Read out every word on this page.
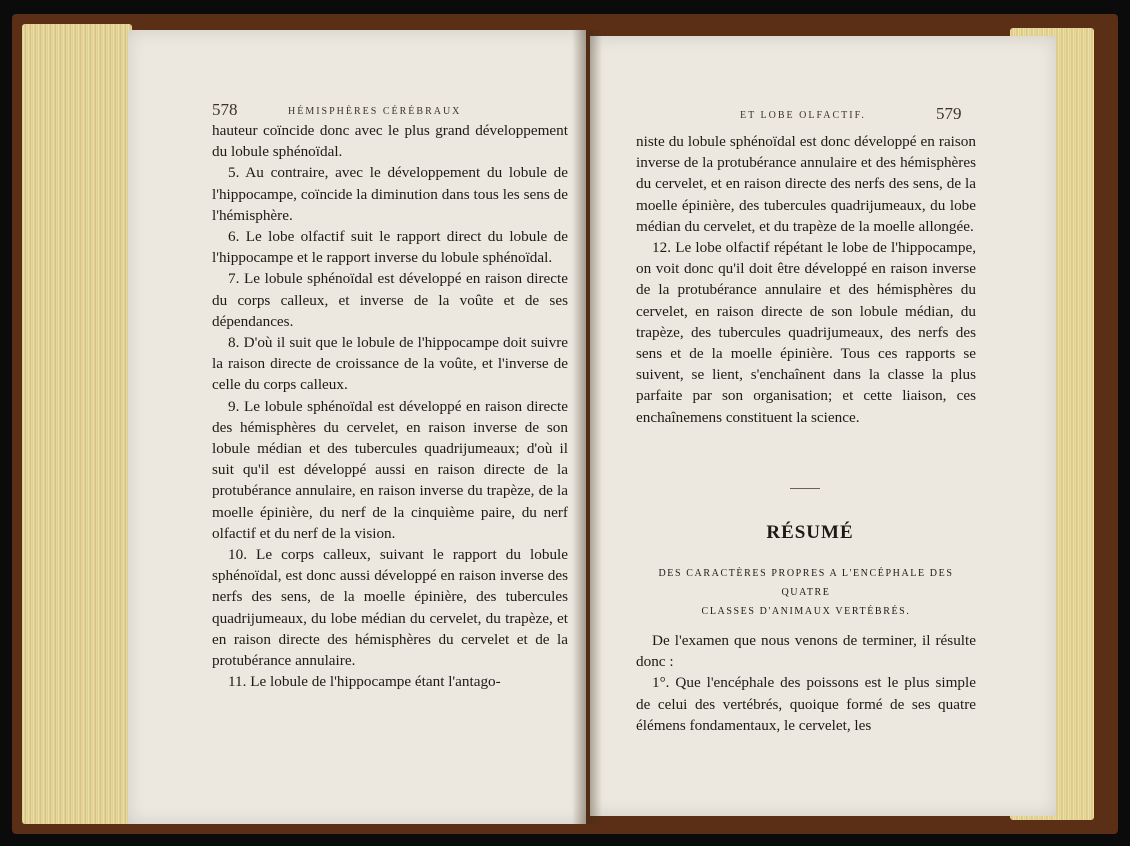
578	HÉMISPHÈRES CÉRÉBRAUX

hauteur coïncide donc avec le plus grand développement du lobule sphénoïdal.

5. Au contraire, avec le développement du lobule de l'hippocampe, coïncide la diminution dans tous les sens de l'hémisphère.

6. Le lobe olfactif suit le rapport direct du lobule de l'hippocampe et le rapport inverse du lobule sphénoïdal.

7. Le lobule sphénoïdal est développé en raison directe du corps calleux, et inverse de la voûte et de ses dépendances.

8. D'où il suit que le lobule de l'hippocampe doit suivre la raison directe de croissance de la voûte, et l'inverse de celle du corps calleux.

9. Le lobule sphénoïdal est développé en raison directe des hémisphères du cervelet, en raison inverse de son lobule médian et des tubercules quadrijumeaux; d'où il suit qu'il est développé aussi en raison directe de la protubérance annulaire, en raison inverse du trapèze, de la moelle épinière, du nerf de la cinquième paire, du nerf olfactif et du nerf de la vision.

10. Le corps calleux, suivant le rapport du lobule sphénoïdal, est donc aussi développé en raison inverse des nerfs des sens, de la moelle épinière, des tubercules quadrijumeaux, du lobe médian du cervelet, du trapèze, et en raison directe des hémisphères du cervelet et de la protubérance annulaire.

11. Le lobule de l'hippocampe étant l'antago-

ET LOBE OLFACTIF.	579

niste du lobule sphénoïdal est donc développé en raison inverse de la protubérance annulaire et des hémisphères du cervelet, et en raison directe des nerfs des sens, de la moelle épinière, des tubercules quadrijumeaux, du lobe médian du cervelet, et du trapèze de la moelle allongée.

12. Le lobe olfactif répétant le lobe de l'hippocampe, on voit donc qu'il doit être développé en raison inverse de la protubérance annulaire et des hémisphères du cervelet, en raison directe de son lobule médian, du trapèze, des tubercules quadrijumeaux, des nerfs des sens et de la moelle épinière. Tous ces rapports se suivent, se lient, s'enchaînent dans la classe la plus parfaite par son organisation; et cette liaison, ces enchaînemens constituent la science.

RÉSUMÉ
DES CARACTÈRES PROPRES A L'ENCÉPHALE DES QUATRE
CLASSES D'ANIMAUX VERTÉBRÉS.

De l'examen que nous venons de terminer, il résulte donc :

1°. Que l'encéphale des poissons est le plus simple de celui des vertébrés, quoique formé de ses quatre élémens fondamentaux, le cervelet, les
